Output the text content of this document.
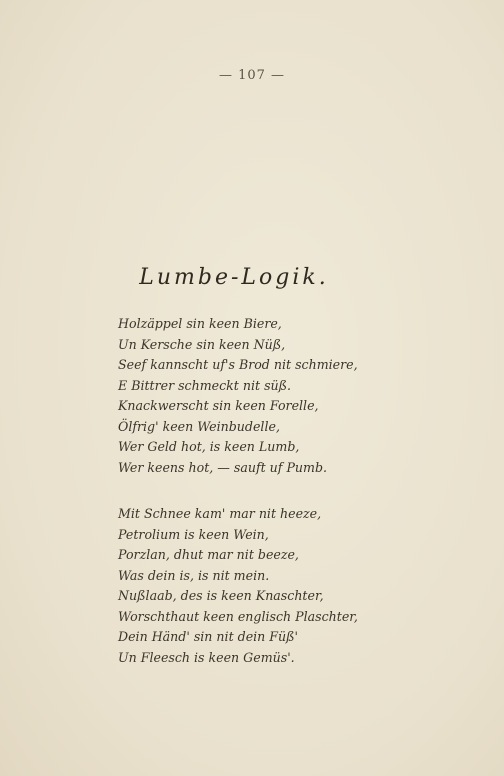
— 107 —
Lumbe-Logik.
Holzäppel sin keen Biere,
Un Kersche sin keen Nüß,
Seef kannscht uf's Brod nit schmiere,
E Bittrer schmeckt nit süß.
Knackwerscht sin keen Forelle,
Ölfrig' keen Weinbudelle,
Wer Geld hot, is keen Lumb,
Wer keens hot, — sauft uf Pumb.
Mit Schnee kam' mar nit heeze,
Petrolium is keen Wein,
Porzlan, dhut mar nit beeze,
Was dein is, is nit mein.
Nußlaab, des is keen Knaschter,
Worschthaut keen englisch Plaschter,
Dein Händ' sin nit dein Füß'
Un Fleesch is keen Gemüs'.
